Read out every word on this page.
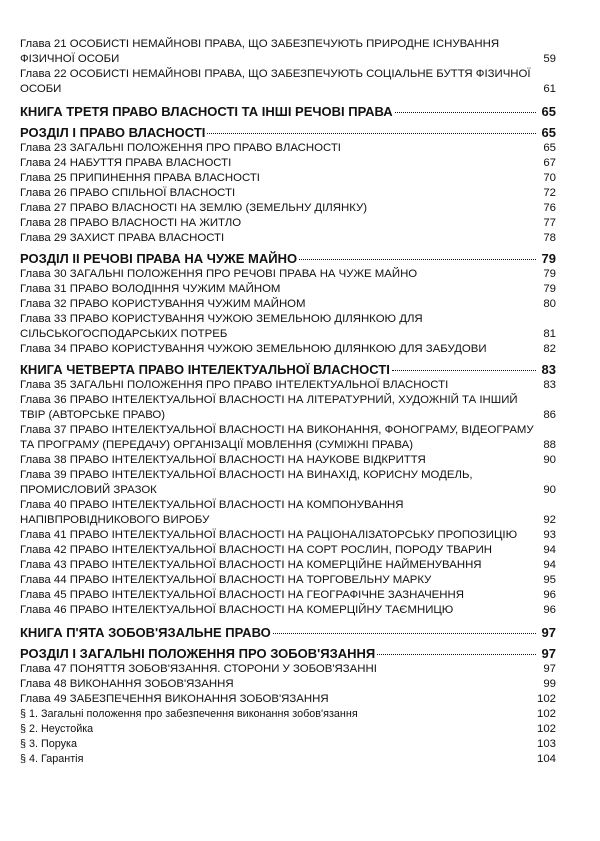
Глава 21 ОСОБИСТІ НЕМАЙНОВІ ПРАВА, ЩО ЗАБЕЗПЕЧУЮТЬ ПРИРОДНЕ ІСНУВАННЯ ФІЗИЧНОЇ ОСОБИ	59
Глава 22 ОСОБИСТІ НЕМАЙНОВІ ПРАВА, ЩО ЗАБЕЗПЕЧУЮТЬ СОЦІАЛЬНЕ БУТТЯ ФІЗИЧНОЇ ОСОБИ	61
КНИГА ТРЕТЯ ПРАВО ВЛАСНОСТІ ТА ІНШІ РЕЧОВІ ПРАВА	65
РОЗДІЛ І ПРАВО ВЛАСНОСТІ	65
Глава 23 ЗАГАЛЬНІ ПОЛОЖЕННЯ ПРО ПРАВО ВЛАСНОСТІ	65
Глава 24 НАБУТТЯ ПРАВА ВЛАСНОСТІ	67
Глава 25 ПРИПИНЕННЯ ПРАВА ВЛАСНОСТІ	70
Глава 26 ПРАВО СПІЛЬНОЇ ВЛАСНОСТІ	72
Глава 27 ПРАВО ВЛАСНОСТІ НА ЗЕМЛЮ (ЗЕМЕЛЬНУ ДІЛЯНКУ)	76
Глава 28 ПРАВО ВЛАСНОСТІ НА ЖИТЛО	77
Глава 29 ЗАХИСТ ПРАВА ВЛАСНОСТІ	78
РОЗДІЛ ІІ РЕЧОВІ ПРАВА НА ЧУЖЕ МАЙНО	79
Глава 30 ЗАГАЛЬНІ ПОЛОЖЕННЯ ПРО РЕЧОВІ ПРАВА НА ЧУЖЕ МАЙНО	79
Глава 31 ПРАВО ВОЛОДІННЯ ЧУЖИМ МАЙНОМ	79
Глава 32 ПРАВО КОРИСТУВАННЯ ЧУЖИМ МАЙНОМ	80
Глава 33 ПРАВО КОРИСТУВАННЯ ЧУЖОЮ ЗЕМЕЛЬНОЮ ДІЛЯНКОЮ ДЛЯ СІЛЬСЬКОГОСПОДАРСЬКИХ ПОТРЕБ	81
Глава 34 ПРАВО КОРИСТУВАННЯ ЧУЖОЮ ЗЕМЕЛЬНОЮ ДІЛЯНКОЮ ДЛЯ ЗАБУДОВИ	82
КНИГА ЧЕТВЕРТА ПРАВО ІНТЕЛЕКТУАЛЬНОЇ ВЛАСНОСТІ	83
Глава 35 ЗАГАЛЬНІ ПОЛОЖЕННЯ ПРО ПРАВО ІНТЕЛЕКТУАЛЬНОЇ ВЛАСНОСТІ	83
Глава 36 ПРАВО ІНТЕЛЕКТУАЛЬНОЇ ВЛАСНОСТІ НА ЛІТЕРАТУРНИЙ, ХУДОЖНІЙ ТА ІНШИЙ ТВІР (АВТОРСЬКЕ ПРАВО)	86
Глава 37 ПРАВО ІНТЕЛЕКТУАЛЬНОЇ ВЛАСНОСТІ НА ВИКОНАННЯ, ФОНОГРАМУ, ВІДЕОГРАМУ ТА ПРОГРАМУ (ПЕРЕДАЧУ) ОРГАНІЗАЦІЇ МОВЛЕННЯ (СУМІЖНІ ПРАВА)	88
Глава 38 ПРАВО ІНТЕЛЕКТУАЛЬНОЇ ВЛАСНОСТІ НА НАУКОВЕ ВІДКРИТТЯ	90
Глава 39 ПРАВО ІНТЕЛЕКТУАЛЬНОЇ ВЛАСНОСТІ НА ВИНАХІД, КОРИСНУ МОДЕЛЬ, ПРОМИСЛОВИЙ ЗРАЗОК	90
Глава 40 ПРАВО ІНТЕЛЕКТУАЛЬНОЇ ВЛАСНОСТІ НА КОМПОНУВАННЯ НАПІВПРОВІДНИКОВОГО ВИРОБУ	92
Глава 41 ПРАВО ІНТЕЛЕКТУАЛЬНОЇ ВЛАСНОСТІ НА РАЦІОНАЛІЗАТОРСЬКУ ПРОПОЗИЦІЮ	93
Глава 42 ПРАВО ІНТЕЛЕКТУАЛЬНОЇ ВЛАСНОСТІ НА СОРТ РОСЛИН, ПОРОДУ ТВАРИН	94
Глава 43 ПРАВО ІНТЕЛЕКТУАЛЬНОЇ ВЛАСНОСТІ НА КОМЕРЦІЙНЕ НАЙМЕНУВАННЯ	94
Глава 44 ПРАВО ІНТЕЛЕКТУАЛЬНОЇ ВЛАСНОСТІ НА ТОРГОВЕЛЬНУ МАРКУ	95
Глава 45 ПРАВО ІНТЕЛЕКТУАЛЬНОЇ ВЛАСНОСТІ НА ГЕОГРАФІЧНЕ ЗАЗНАЧЕННЯ	96
Глава 46 ПРАВО ІНТЕЛЕКТУАЛЬНОЇ ВЛАСНОСТІ НА КОМЕРЦІЙНУ ТАЄМНИЦЮ	96
КНИГА П'ЯТА ЗОБОВ'ЯЗАЛЬНЕ ПРАВО	97
РОЗДІЛ І ЗАГАЛЬНІ ПОЛОЖЕННЯ ПРО ЗОБОВ'ЯЗАННЯ	97
Глава 47 ПОНЯТТЯ ЗОБОВ'ЯЗАННЯ. СТОРОНИ У ЗОБОВ'ЯЗАННІ	97
Глава 48 ВИКОНАННЯ ЗОБОВ'ЯЗАННЯ	99
Глава 49 ЗАБЕЗПЕЧЕННЯ ВИКОНАННЯ ЗОБОВ'ЯЗАННЯ	102
§ 1. Загальні положення про забезпечення виконання зобов'язання	102
§ 2. Неустойка	102
§ 3. Порука	103
§ 4. Гарантія	104
